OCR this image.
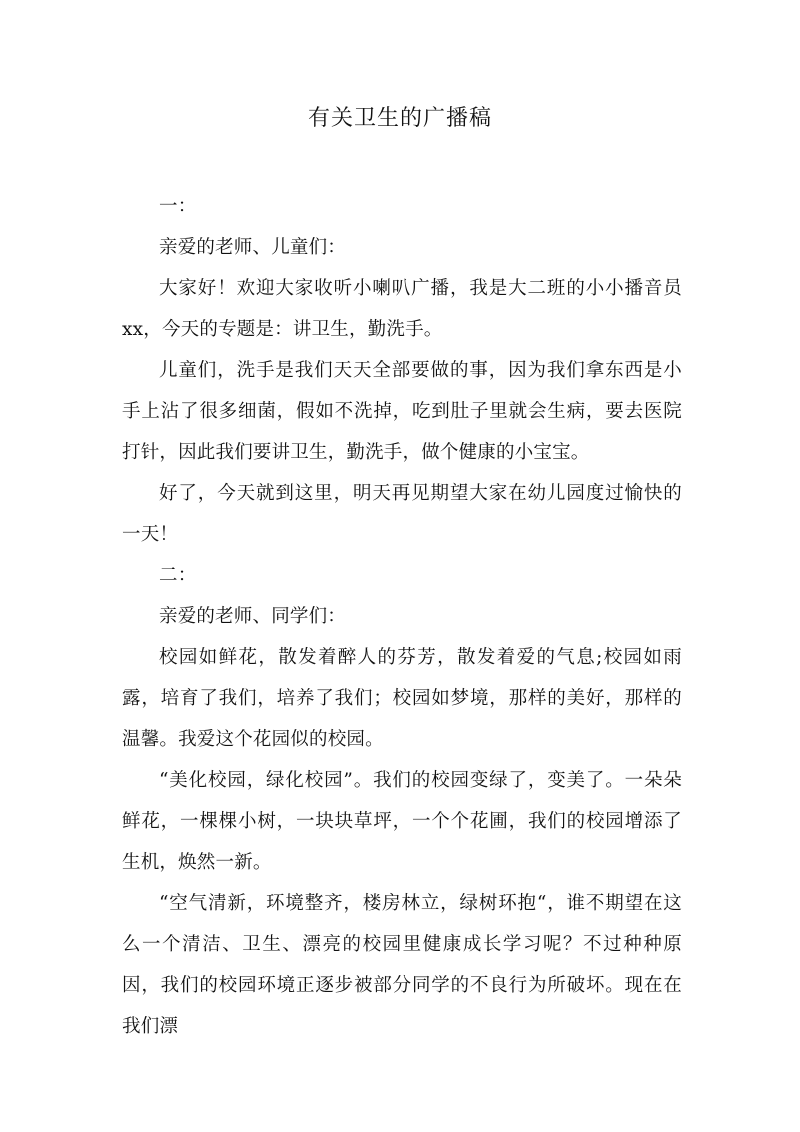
有关卫生的广播稿

一：

亲爱的老师、儿童们：

大家好！欢迎大家收听小喇叭广播，我是大二班的小小播音员xx，今天的专题是：讲卫生，勤洗手。

儿童们，洗手是我们天天全部要做的事，因为我们拿东西是小手上沾了很多细菌，假如不洗掉，吃到肚子里就会生病，要去医院打针，因此我们要讲卫生，勤洗手，做个健康的小宝宝。

好了，今天就到这里，明天再见期望大家在幼儿园度过愉快的一天！

二：

亲爱的老师、同学们：

校园如鲜花，散发着醉人的芬芳，散发着爱的气息;校园如雨露，培育了我们，培养了我们；校园如梦境，那样的美好，那样的温馨。我爱这个花园似的校园。

“美化校园，绿化校园”。我们的校园变绿了，变美了。一朵朵鲜花，一棵棵小树，一块块草坪，一个个花圃，我们的校园增添了生机，焕然一新。

“空气清新，环境整齐，楼房林立，绿树环抱“，谁不期望在这么一个清洁、卫生、漂亮的校园里健康成长学习呢？不过种种原因，我们的校园环境正逐步被部分同学的不良行为所破坏。现在在我们漂
